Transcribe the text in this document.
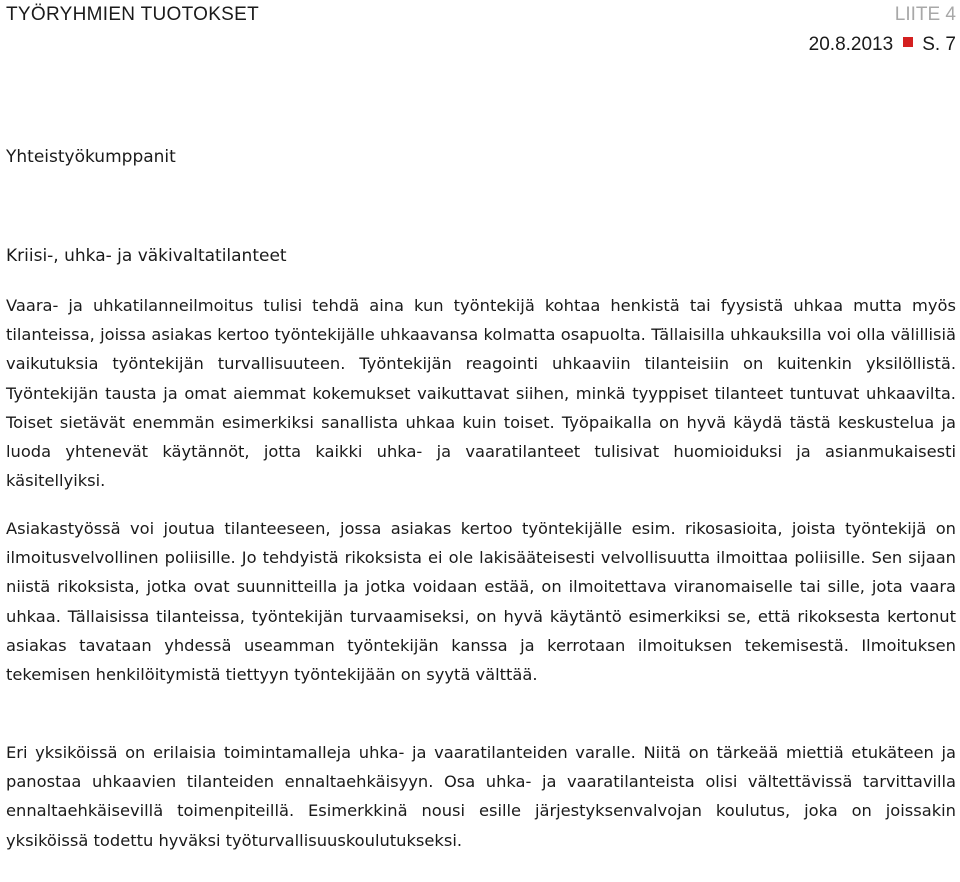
TYÖRYHMIEN TUOTOKSET	LIITE 4
20.8.2013 S. 7
Yhteistyökumppanit
Kriisi-, uhka- ja väkivaltatilanteet

Vaara- ja uhkatilanneilmoitus tulisi tehdä aina kun työntekijä kohtaa henkistä tai fyysistä uhkaa mutta myös tilanteissa, joissa asiakas kertoo työntekijälle uhkaavansa kolmatta osapuolta. Tällaisilla uhkauksilla voi olla välillisiä vaikutuksia työntekijän turvallisuuteen. Työntekijän reagointi uhkaaviin tilanteisiin on kuitenkin yksilöllistä. Työntekijän tausta ja omat aiemmat kokemukset vaikuttavat siihen, minkä tyyppiset tilanteet tuntuvat uhkaavilta. Toiset sietävät enemmän esimerkiksi sanallista uhkaa kuin toiset. Työpaikalla on hyvä käydä tästä keskustelua ja luoda yhtenevät käytännöt, jotta kaikki uhka- ja vaaratilanteet tulisivat huomioiduksi ja asianmukaisesti käsitellyiksi.

Asiakastyössä voi joutua tilanteeseen, jossa asiakas kertoo työntekijälle esim. rikosasioita, joista työntekijä on ilmoitusvelvollinen poliisille. Jo tehdyistä rikoksista ei ole lakisääteisesti velvollisuutta ilmoittaa poliisille. Sen sijaan niistä rikoksista, jotka ovat suunnitteilla ja jotka voidaan estää, on ilmoitettava viranomaiselle tai sille, jota vaara uhkaa. Tällaisissa tilanteissa, työntekijän turvaamiseksi, on hyvä käytäntö esimerkiksi se, että rikoksesta kertonut asiakas tavataan yhdessä useamman työntekijän kanssa ja kerrotaan ilmoituksen tekemisestä. Ilmoituksen tekemisen henkilöitymistä tiettyyn työntekijään on syytä välttää.

Eri yksiköissä on erilaisia toimintamalleja uhka- ja vaaratilanteiden varalle. Niitä on tärkeää miettiä etukäteen ja panostaa uhkaavien tilanteiden ennaltaehkäisyyn. Osa uhka- ja vaaratilanteista olisi vältettävissä tarvittavilla ennaltaehkäisevillä toimenpiteillä. Esimerkkinä nousi esille järjestyksenvalvojan koulutus, joka on joissakin yksiköissä todettu hyväksi työturvallisuuskoulutukseksi.
